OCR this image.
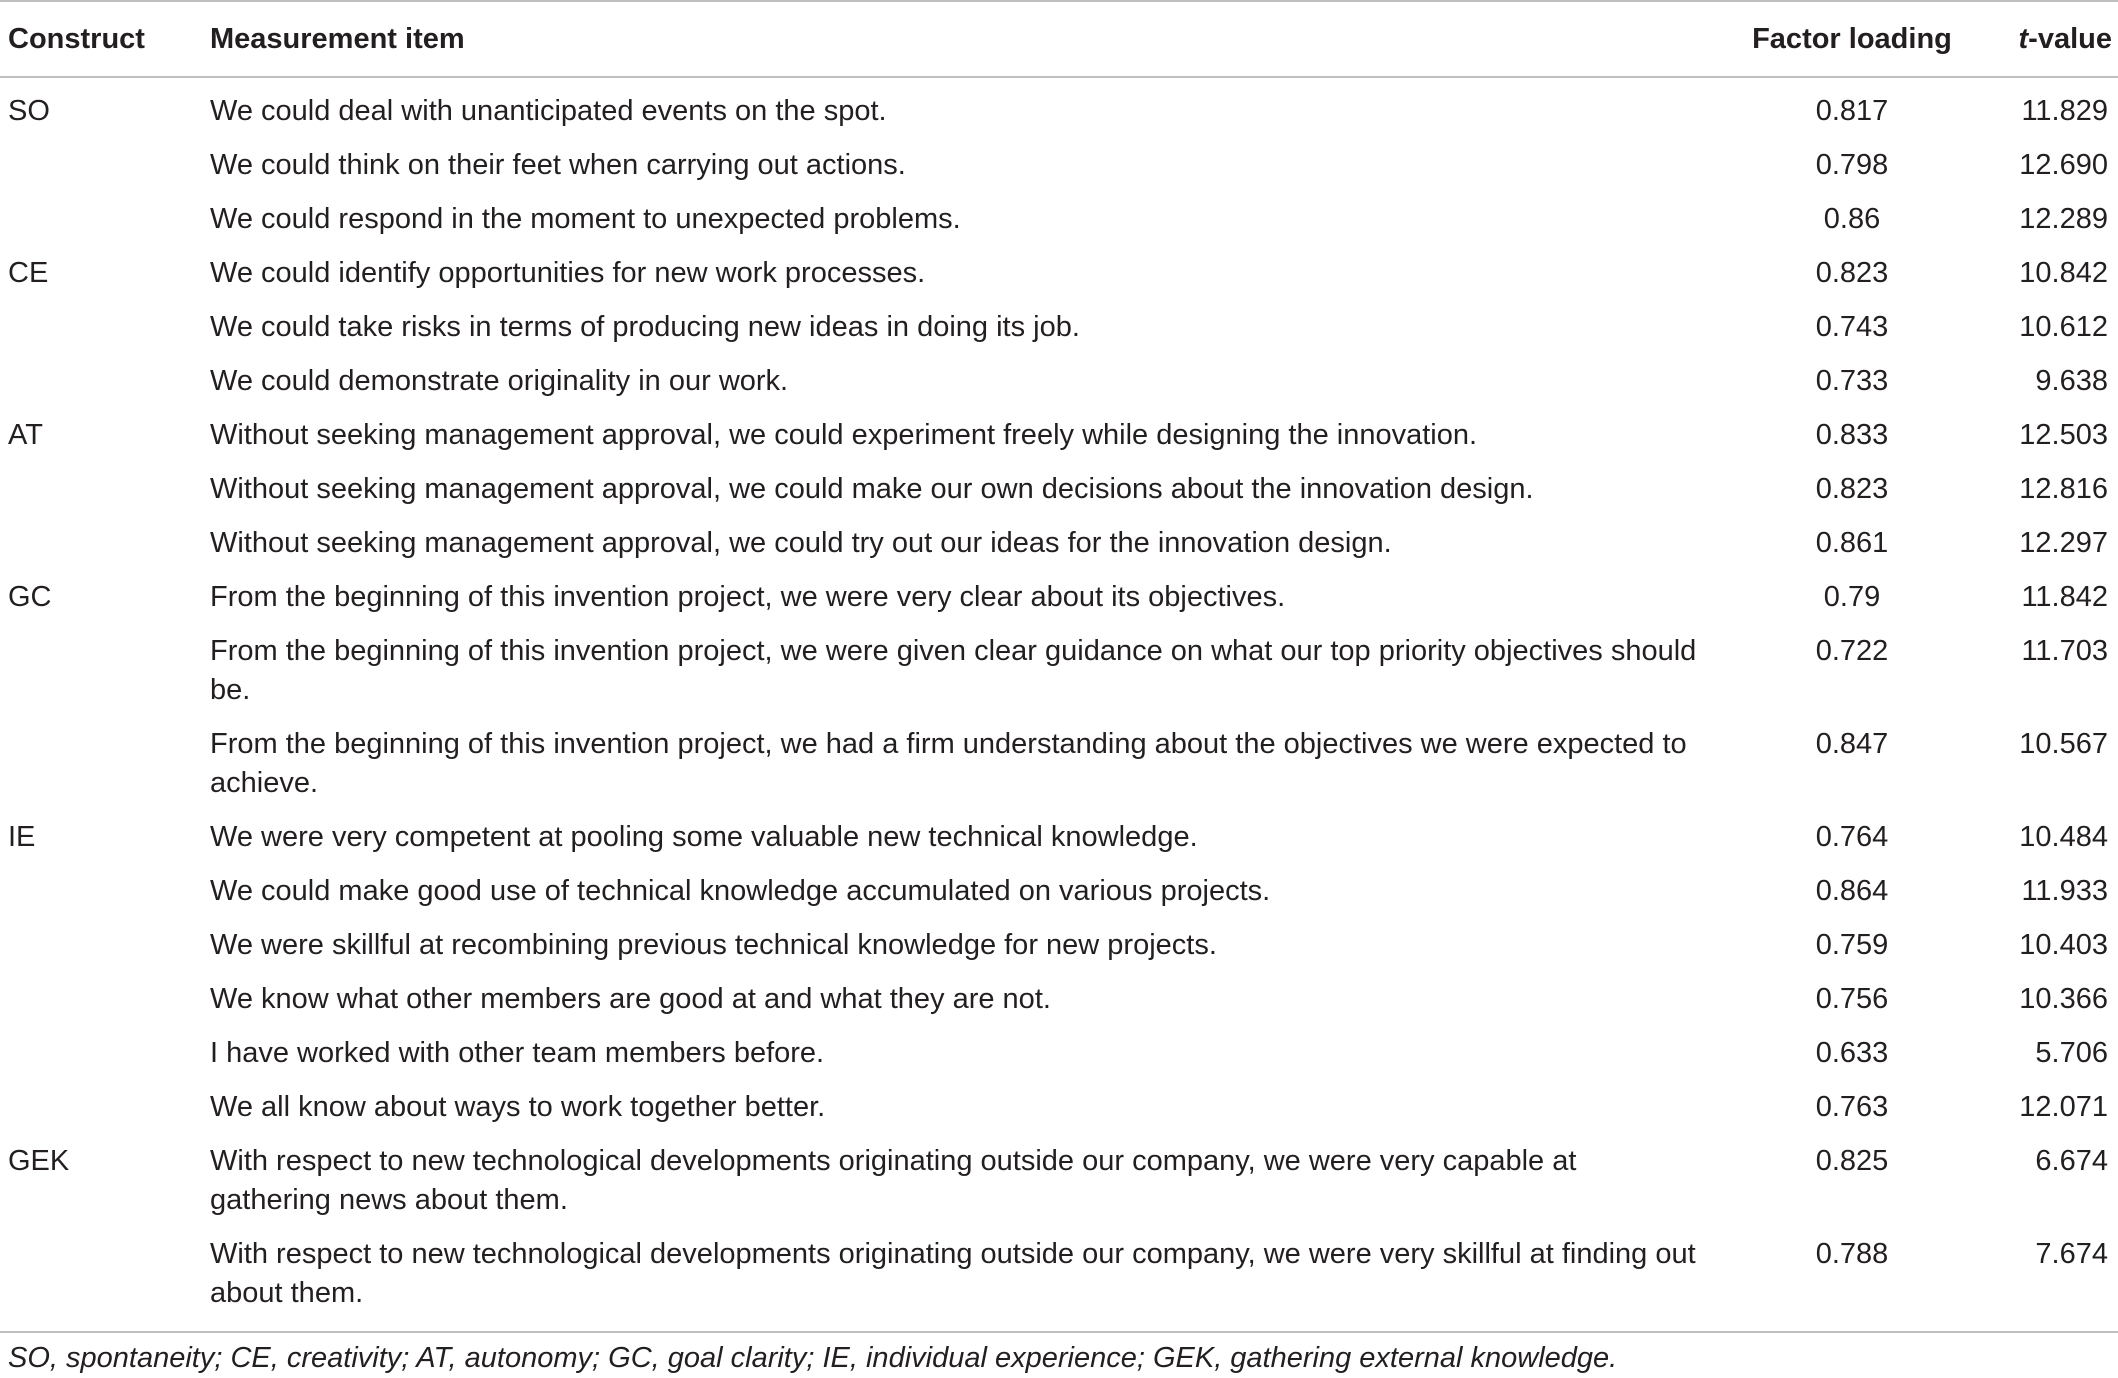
Construct	Measurement item	Factor loading	t-value
SO	We could deal with unanticipated events on the spot.	0.817	11.829
	We could think on their feet when carrying out actions.	0.798	12.690
	We could respond in the moment to unexpected problems.	0.86	12.289
CE	We could identify opportunities for new work processes.	0.823	10.842
	We could take risks in terms of producing new ideas in doing its job.	0.743	10.612
	We could demonstrate originality in our work.	0.733	9.638
AT	Without seeking management approval, we could experiment freely while designing the innovation.	0.833	12.503
	Without seeking management approval, we could make our own decisions about the innovation design.	0.823	12.816
	Without seeking management approval, we could try out our ideas for the innovation design.	0.861	12.297
GC	From the beginning of this invention project, we were very clear about its objectives.	0.79	11.842
	From the beginning of this invention project, we were given clear guidance on what our top priority objectives should be.	0.722	11.703
	From the beginning of this invention project, we had a firm understanding about the objectives we were expected to achieve.	0.847	10.567
IE	We were very competent at pooling some valuable new technical knowledge.	0.764	10.484
	We could make good use of technical knowledge accumulated on various projects.	0.864	11.933
	We were skillful at recombining previous technical knowledge for new projects.	0.759	10.403
	We know what other members are good at and what they are not.	0.756	10.366
	I have worked with other team members before.	0.633	5.706
	We all know about ways to work together better.	0.763	12.071
GEK	With respect to new technological developments originating outside our company, we were very capable at gathering news about them.	0.825	6.674
	With respect to new technological developments originating outside our company, we were very skillful at finding out about them.	0.788	7.674
SO, spontaneity; CE, creativity; AT, autonomy; GC, goal clarity; IE, individual experience; GEK, gathering external knowledge.
